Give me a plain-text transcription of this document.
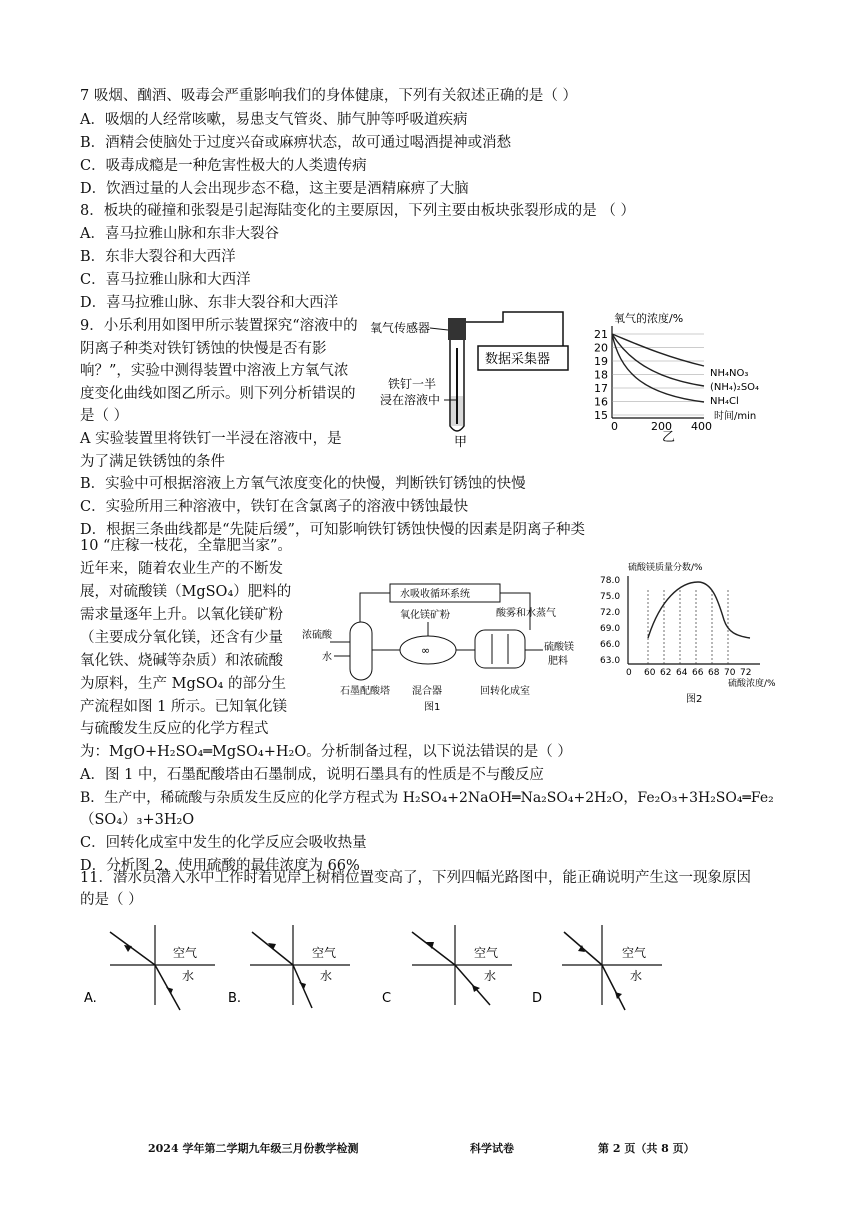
7 吸烟、酗酒、吸毒会严重影响我们的身体健康，下列有关叙述正确的是（ ）
A．吸烟的人经常咳嗽，易患支气管炎、肺气肿等呼吸道疾病
B．酒精会使脑处于过度兴奋或麻痹状态，故可通过喝酒提神或消愁
C．吸毒成瘾是一种危害性极大的人类遗传病
D．饮酒过量的人会出现步态不稳，这主要是酒精麻痹了大脑
8．板块的碰撞和张裂是引起海陆变化的主要原因，下列主要由板块张裂形成的是 （ ）
A．喜马拉雅山脉和东非大裂谷
B．东非大裂谷和大西洋
C．喜马拉雅山脉和大西洋
D．喜马拉雅山脉、东非大裂谷和大西洋
9．小乐利用如图甲所示装置探究“溶液中的
阴离子种类对铁钉锈蚀的快慢是否有影
响？”，实验中测得装置中溶液上方氧气浓
度变化曲线如图乙所示。则下列分析错误的
是（ ）
A 实验装置里将铁钉一半浸在溶液中，是
为了满足铁锈蚀的条件
B．实验中可根据溶液上方氧气浓度变化的快慢，判断铁钉锈蚀的快慢
C．实验所用三种溶液中，铁钉在含氯离子的溶液中锈蚀最快
D．根据三条曲线都是“先陡后缓”，可知影响铁钉锈蚀快慢的因素是阴离子种类
氧气传感器
数据采集器
铁钉一半
浸在溶液中
甲
氧气的浓度/%
21
20
19
18
17
16
15
0	200 400
NH₄NO₃
(NH₄)₂SO₄
NH₄Cl
时间/min
乙
10 “庄稼一枝花，全靠肥当家”。
近年来，随着农业生产的不断发
展，对硫酸镁（MgSO₄）肥料的
需求量逐年上升。以氧化镁矿粉
（主要成分氧化镁，还含有少量
氧化铁、烧碱等杂质）和浓硫酸
为原料，生产 MgSO₄ 的部分生
产流程如图 1 所示。已知氧化镁
与硫酸发生反应的化学方程式
为：MgO+H₂SO₄═MgSO₄+H₂O。分析制备过程，以下说法错误的是（ ）
A．图 1 中，石墨配酸塔由石墨制成，说明石墨具有的性质是不与酸反应
B．生产中，稀硫酸与杂质发生反应的化学方程式为 H₂SO₄+2NaOH═Na₂SO₄+2H₂O，Fe₂O₃+3H₂SO₄═Fe₂
（SO₄）₃+3H₂O
C．回转化成室中发生的化学反应会吸收热量
D．分析图 2，使用硫酸的最佳浓度为 66%
水吸收循环系统
氧化镁矿粉	酸雾和水蒸气
浓硫酸
水
∞	硫酸镁
肥料
石墨配酸塔 混合器	回转化成室
图1
硫酸镁质量分数/%
78.0
75.0
72.0
69.0
66.0
63.0
0 60 62 64 66 68 70 72
硫酸浓度/%
图2
11．潜水员潜入水中工作时看见岸上树梢位置变高了，下列四幅光路图中，能正确说明产生这一现象原因
的是（ ）
空气
水
A.
空气
水
B.
空气
水
C
空气
水
D
2024 学年第二学期九年级三月份教学检测	科学试卷	第 2 页（共 8 页）
